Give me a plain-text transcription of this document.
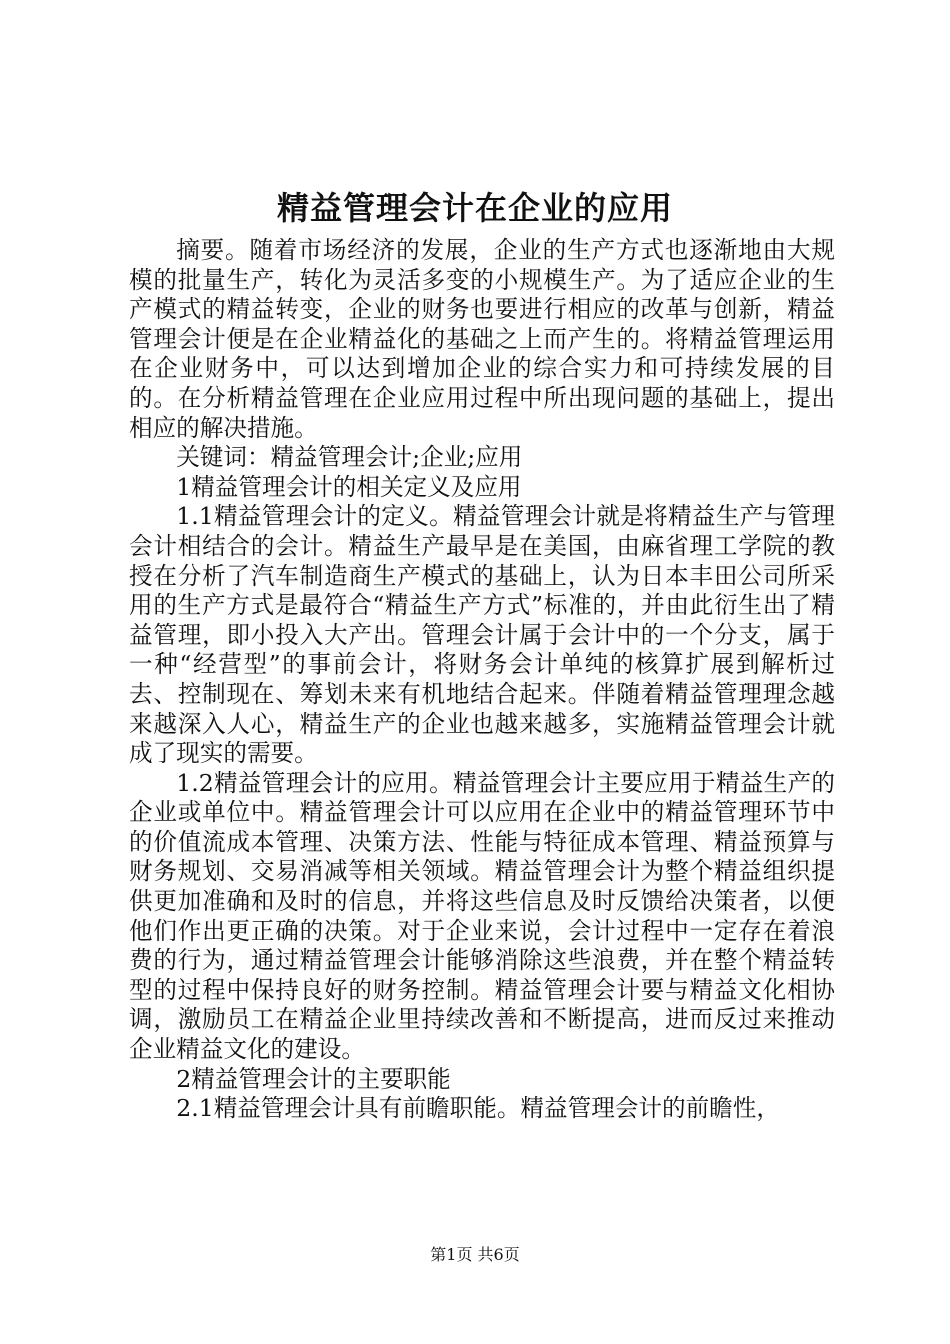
精益管理会计在企业的应用

摘要。随着市场经济的发展，企业的生产方式也逐渐地由大规模的批量生产，转化为灵活多变的小规模生产。为了适应企业的生产模式的精益转变，企业的财务也要进行相应的改革与创新，精益管理会计便是在企业精益化的基础之上而产生的。将精益管理运用在企业财务中，可以达到增加企业的综合实力和可持续发展的目的。在分析精益管理在企业应用过程中所出现问题的基础上，提出相应的解决措施。

关键词：精益管理会计;企业;应用

1精益管理会计的相关定义及应用

1.1精益管理会计的定义。精益管理会计就是将精益生产与管理会计相结合的会计。精益生产最早是在美国，由麻省理工学院的教授在分析了汽车制造商生产模式的基础上，认为日本丰田公司所采用的生产方式是最符合“精益生产方式”标准的，并由此衍生出了精益管理，即小投入大产出。管理会计属于会计中的一个分支，属于一种“经营型”的事前会计，将财务会计单纯的核算扩展到解析过去、控制现在、筹划未来有机地结合起来。伴随着精益管理理念越来越深入人心，精益生产的企业也越来越多，实施精益管理会计就成了现实的需要。

1.2精益管理会计的应用。精益管理会计主要应用于精益生产的企业或单位中。精益管理会计可以应用在企业中的精益管理环节中的价值流成本管理、决策方法、性能与特征成本管理、精益预算与财务规划、交易消减等相关领域。精益管理会计为整个精益组织提供更加准确和及时的信息，并将这些信息及时反馈给决策者，以便他们作出更正确的决策。对于企业来说，会计过程中一定存在着浪费的行为，通过精益管理会计能够消除这些浪费，并在整个精益转型的过程中保持良好的财务控制。精益管理会计要与精益文化相协调，激励员工在精益企业里持续改善和不断提高，进而反过来推动企业精益文化的建设。

2精益管理会计的主要职能

2.1精益管理会计具有前瞻职能。精益管理会计的前瞻性，

第1页 共6页
